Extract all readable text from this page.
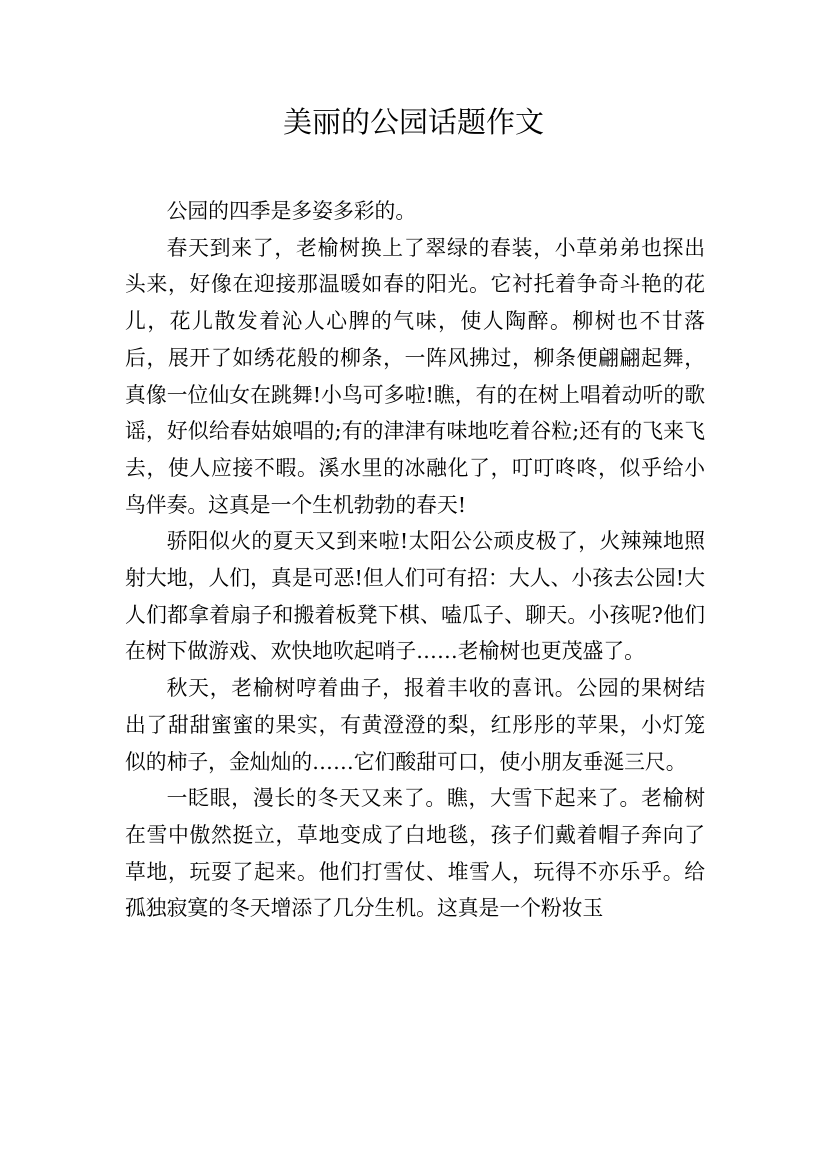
美丽的公园话题作文

公园的四季是多姿多彩的。

春天到来了，老榆树换上了翠绿的春装，小草弟弟也探出头来，好像在迎接那温暖如春的阳光。它衬托着争奇斗艳的花儿，花儿散发着沁人心脾的气味，使人陶醉。柳树也不甘落后，展开了如绣花般的柳条，一阵风拂过，柳条便翩翩起舞，真像一位仙女在跳舞!小鸟可多啦!瞧，有的在树上唱着动听的歌谣，好似给春姑娘唱的;有的津津有味地吃着谷粒;还有的飞来飞去，使人应接不暇。溪水里的冰融化了，叮叮咚咚，似乎给小鸟伴奏。这真是一个生机勃勃的春天!

骄阳似火的夏天又到来啦!太阳公公顽皮极了，火辣辣地照射大地，人们，真是可恶!但人们可有招：大人、小孩去公园!大人们都拿着扇子和搬着板凳下棋、嗑瓜子、聊天。小孩呢?他们在树下做游戏、欢快地吹起哨子……老榆树也更茂盛了。

秋天，老榆树哼着曲子，报着丰收的喜讯。公园的果树结出了甜甜蜜蜜的果实，有黄澄澄的梨，红彤彤的苹果，小灯笼似的柿子，金灿灿的……它们酸甜可口，使小朋友垂涎三尺。

一眨眼，漫长的冬天又来了。瞧，大雪下起来了。老榆树在雪中傲然挺立，草地变成了白地毯，孩子们戴着帽子奔向了草地，玩耍了起来。他们打雪仗、堆雪人，玩得不亦乐乎。给孤独寂寞的冬天增添了几分生机。这真是一个粉妆玉
